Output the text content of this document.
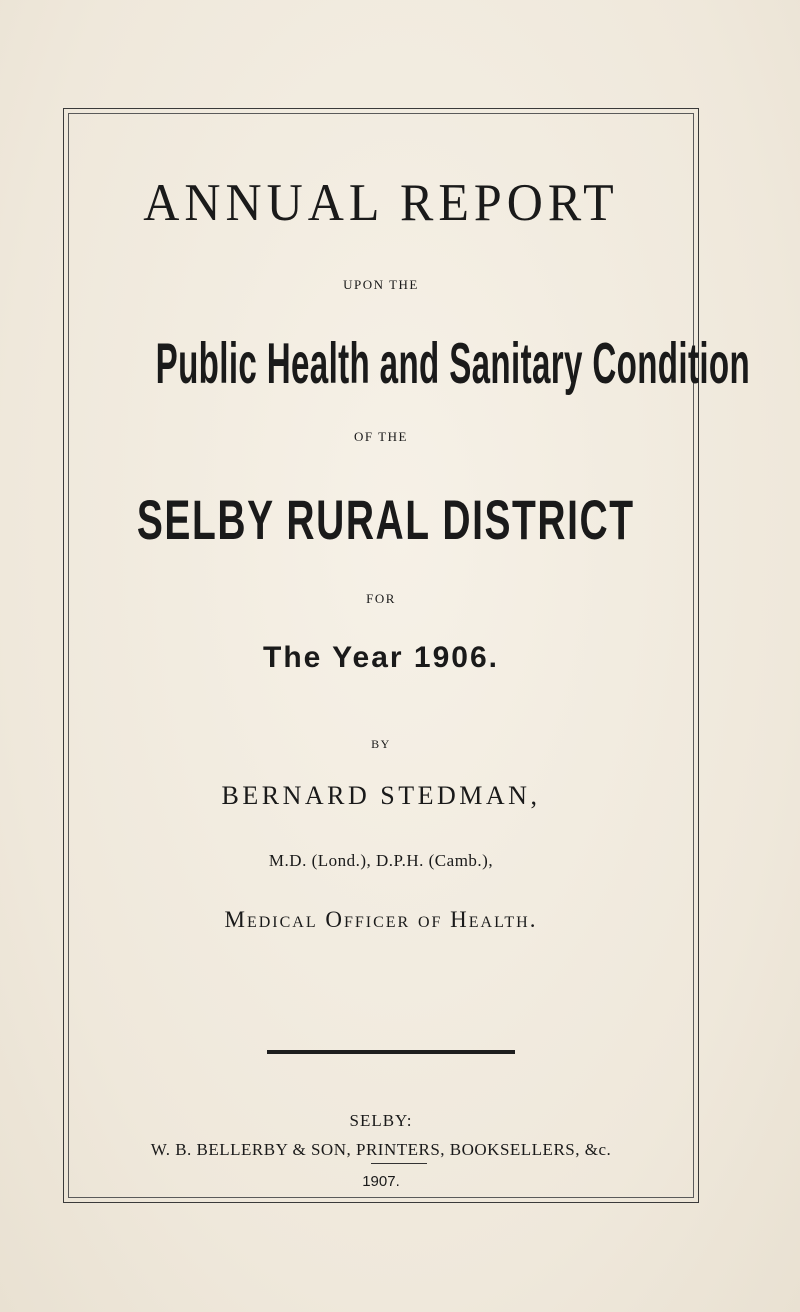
ANNUAL REPORT
UPON THE
Public Health and Sanitary Condition
OF THE
SELBY RURAL DISTRICT
FOR
The Year 1906.
BY
BERNARD STEDMAN,
M.D. (Lond.), D.P.H. (Camb.),
Medical Officer of Health.
SELBY:
W. B. BELLERBY & SON, PRINTERS, BOOKSELLERS, &c.
1907.
